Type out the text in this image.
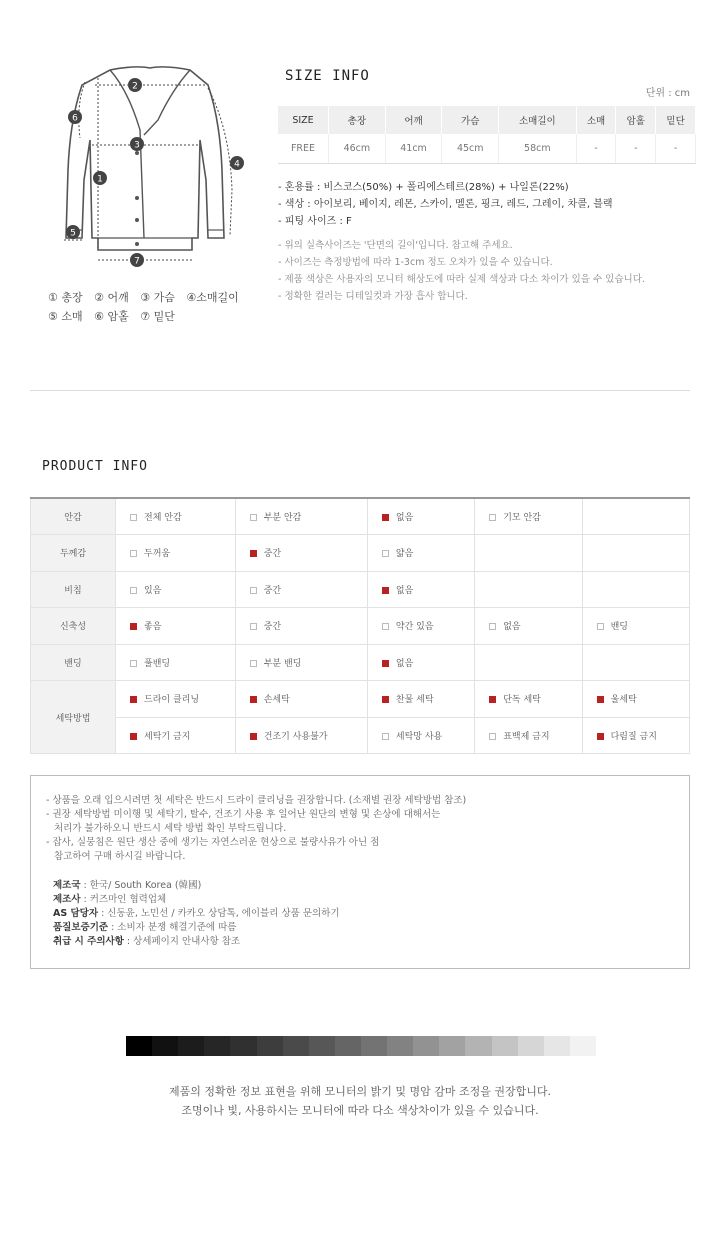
1
2
3
4
5
6
7
① 총장 ② 어깨 ③ 가슴 ④소매길이
⑤ 소매 ⑥ 암홀 ⑦ 밑단
SIZE INFO
단위 : cm
SIZE	총장	어깨	가슴	소매길이	소매	암홀	밑단
FREE	46cm	41cm	45cm	58cm	-	-	-
- 혼용률 : 비스코스(50%) + 폴리에스테르(28%) + 나일론(22%)
- 색상 : 아이보리, 베이지, 레몬, 스카이, 멜론, 핑크, 레드, 그레이, 차콜, 블랙
- 피팅 사이즈 : F
- 위의 실측사이즈는 '단면의 길이'입니다. 참고해 주세요.
- 사이즈는 측정방법에 따라 1-3cm 정도 오차가 있을 수 있습니다.
- 제품 색상은 사용자의 모니터 해상도에 따라 실제 색상과 다소 차이가 있을 수 있습니다.
- 정확한 컬러는 디테일컷과 가장 흡사 합니다.
PRODUCT INFO
안감	전체 안감	부분 안감	없음	기모 안감	
두께감	두꺼움	중간	얇음		
비침	있음	중간	없음		
신축성	좋음	중간	약간 있음	없음	밴딩
밴딩	풀밴딩	부분 밴딩	없음		
세탁방법	드라이 클리닝	손세탁	찬물 세탁	단독 세탁	울세탁
	세탁기 금지	건조기 사용불가	세탁망 사용	표백제 금지	다림질 금지
- 상품을 오래 입으시려면 첫 세탁은 반드시 드라이 클리닝을 권장합니다. (소재별 권장 세탁방법 참조)
- 권장 세탁방법 미이행 및 세탁기, 탈수, 건조기 사용 후 일어난 원단의 변형 및 손상에 대해서는
처리가 불가하오니 반드시 세탁 방법 확인 부탁드립니다.
- 잡사, 실뭉침은 원단 생산 중에 생기는 자연스러운 현상으로 불량사유가 아닌 점
참고하여 구매 하시길 바랍니다.
제조국 : 한국/ South Korea (韓國)
제조사 : 커즈마인 협력업체
AS 담당자 : 신동윤, 노민선 / 카카오 상담톡, 에이블리 상품 문의하기
품질보증기준 : 소비자 분쟁 해결기준에 따름
취급 시 주의사항 : 상세페이지 안내사항 참조
제품의 정확한 정보 표현을 위해 모니터의 밝기 및 명암 감마 조정을 권장합니다.
조명이나 빛, 사용하시는 모니터에 따라 다소 색상차이가 있을 수 있습니다.
